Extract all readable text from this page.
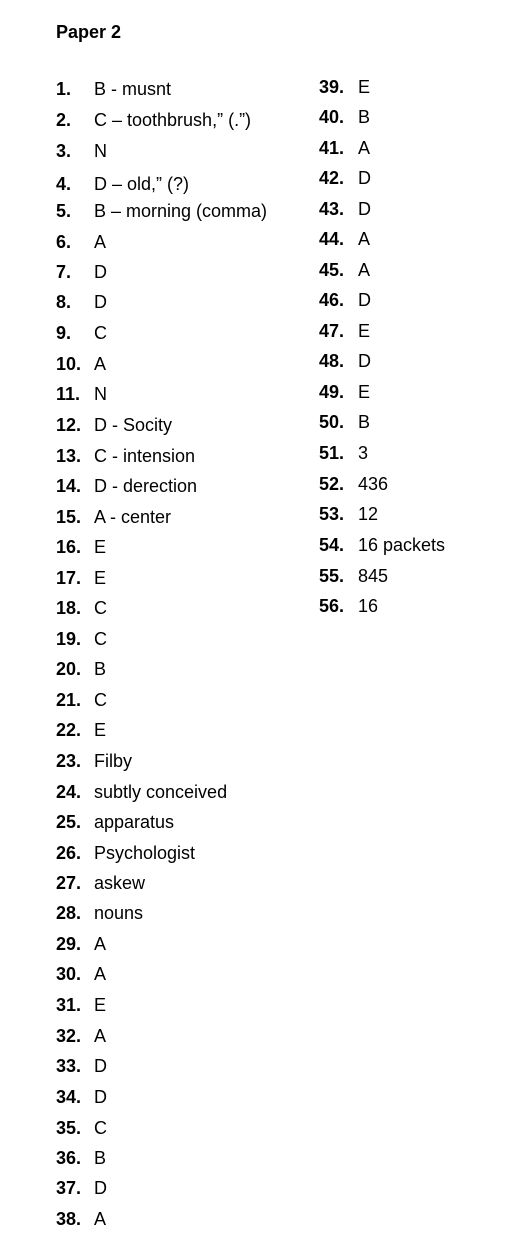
Paper 2
1. B - musnt
2. C – toothbrush,” (.”)
3. N
4. D – old,” (?)
5. B – morning (comma)
6. A
7. D
8. D
9. C
10. A
11. N
12. D - Socity
13. C - intension
14. D - derection
15. A - center
16. E
17. E
18. C
19. C
20. B
21. C
22. E
23. Filby
24. subtly conceived
25. apparatus
26. Psychologist
27. askew
28. nouns
29. A
30. A
31. E
32. A
33. D
34. D
35. C
36. B
37. D
38. A
39. E
40. B
41. A
42. D
43. D
44. A
45. A
46. D
47. E
48. D
49. E
50. B
51. 3
52. 436
53. 12
54. 16 packets
55. 845
56. 16
